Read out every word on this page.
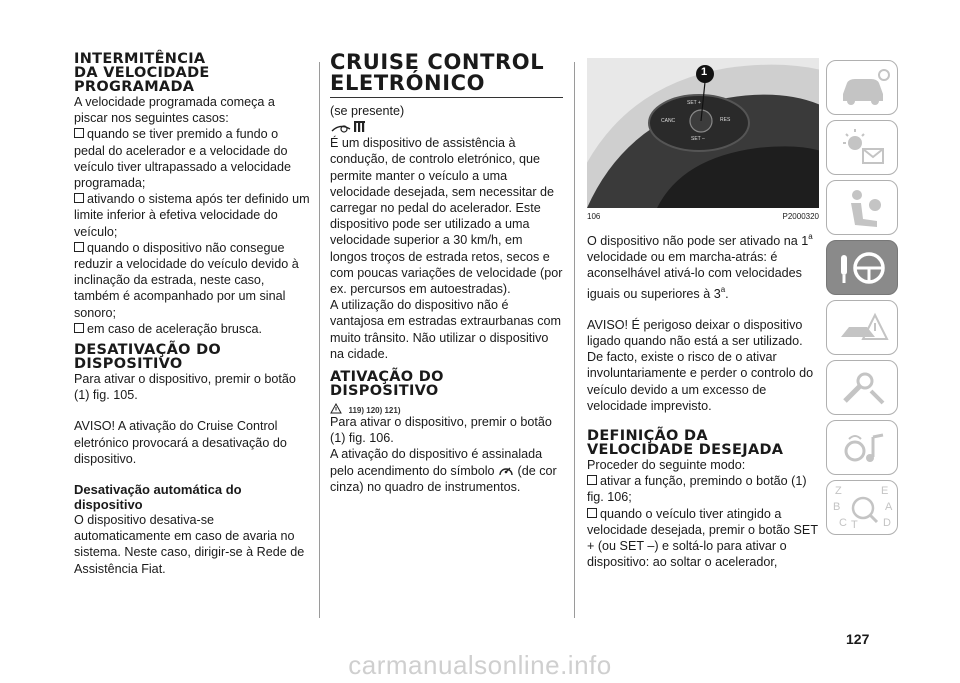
INTERMITÊNCIA
DA VELOCIDADE
PROGRAMADA

A velocidade programada começa a piscar nos seguintes casos:

quando se tiver premido a fundo o pedal do acelerador e a velocidade do veículo tiver ultrapassado a velocidade programada;

ativando o sistema após ter definido um limite inferior à efetiva velocidade do veículo;

quando o dispositivo não consegue reduzir a velocidade do veículo devido à inclinação da estrada, neste caso, também é acompanhado por um sinal sonoro;

em caso de aceleração brusca.

DESATIVAÇÃO DO
DISPOSITIVO

Para ativar o dispositivo, premir o botão (1) fig. 105.

AVISO! A ativação do Cruise Control eletrónico provocará a desativação do dispositivo.

Desativação automática do dispositivo

O dispositivo desativa-se automaticamente em caso de avaria no sistema. Neste caso, dirigir-se à Rede de Assistência Fiat.

CRUISE CONTROL
ELETRÓNICO

(se presente)

É um dispositivo de assistência à condução, de controlo eletrónico, que permite manter o veículo a uma velocidade desejada, sem necessitar de carregar no pedal do acelerador. Este dispositivo pode ser utilizado a uma velocidade superior a 30 km/h, em longos troços de estrada retos, secos e com poucas variações de velocidade (por ex. percursos em autoestradas).

A utilização do dispositivo não é vantajosa em estradas extraurbanas com muito trânsito. Não utilizar o dispositivo na cidade.

ATIVAÇÃO DO
DISPOSITIVO
119) 120) 121)

Para ativar o dispositivo, premir o botão (1) fig. 106.

A ativação do dispositivo é assinalada pelo acendimento do símbolo (de cor cinza) no quadro de instrumentos.

SET +
CANC	RES
SET –
1
106	P2000320

O dispositivo não pode ser ativado na 1$^a$ velocidade ou em marcha-atrás: é aconselhável ativá-lo com velocidades iguais ou superiores à 3$^a$.

AVISO! É perigoso deixar o dispositivo ligado quando não está a ser utilizado. De facto, existe o risco de o ativar involuntariamente e perder o controlo do veículo devido a um excesso de velocidade imprevisto.

DEFINIÇÃO DA
VELOCIDADE DESEJADA

Proceder do seguinte modo:

ativar a função, premindo o botão (1) fig. 106;

quando o veículo tiver atingido a velocidade desejada, premir o botão SET + (ou SET –) e soltá-lo para ativar o dispositivo: ao soltar o acelerador,

Z	E
B	A
C T D
127
carmanualsonline.info
